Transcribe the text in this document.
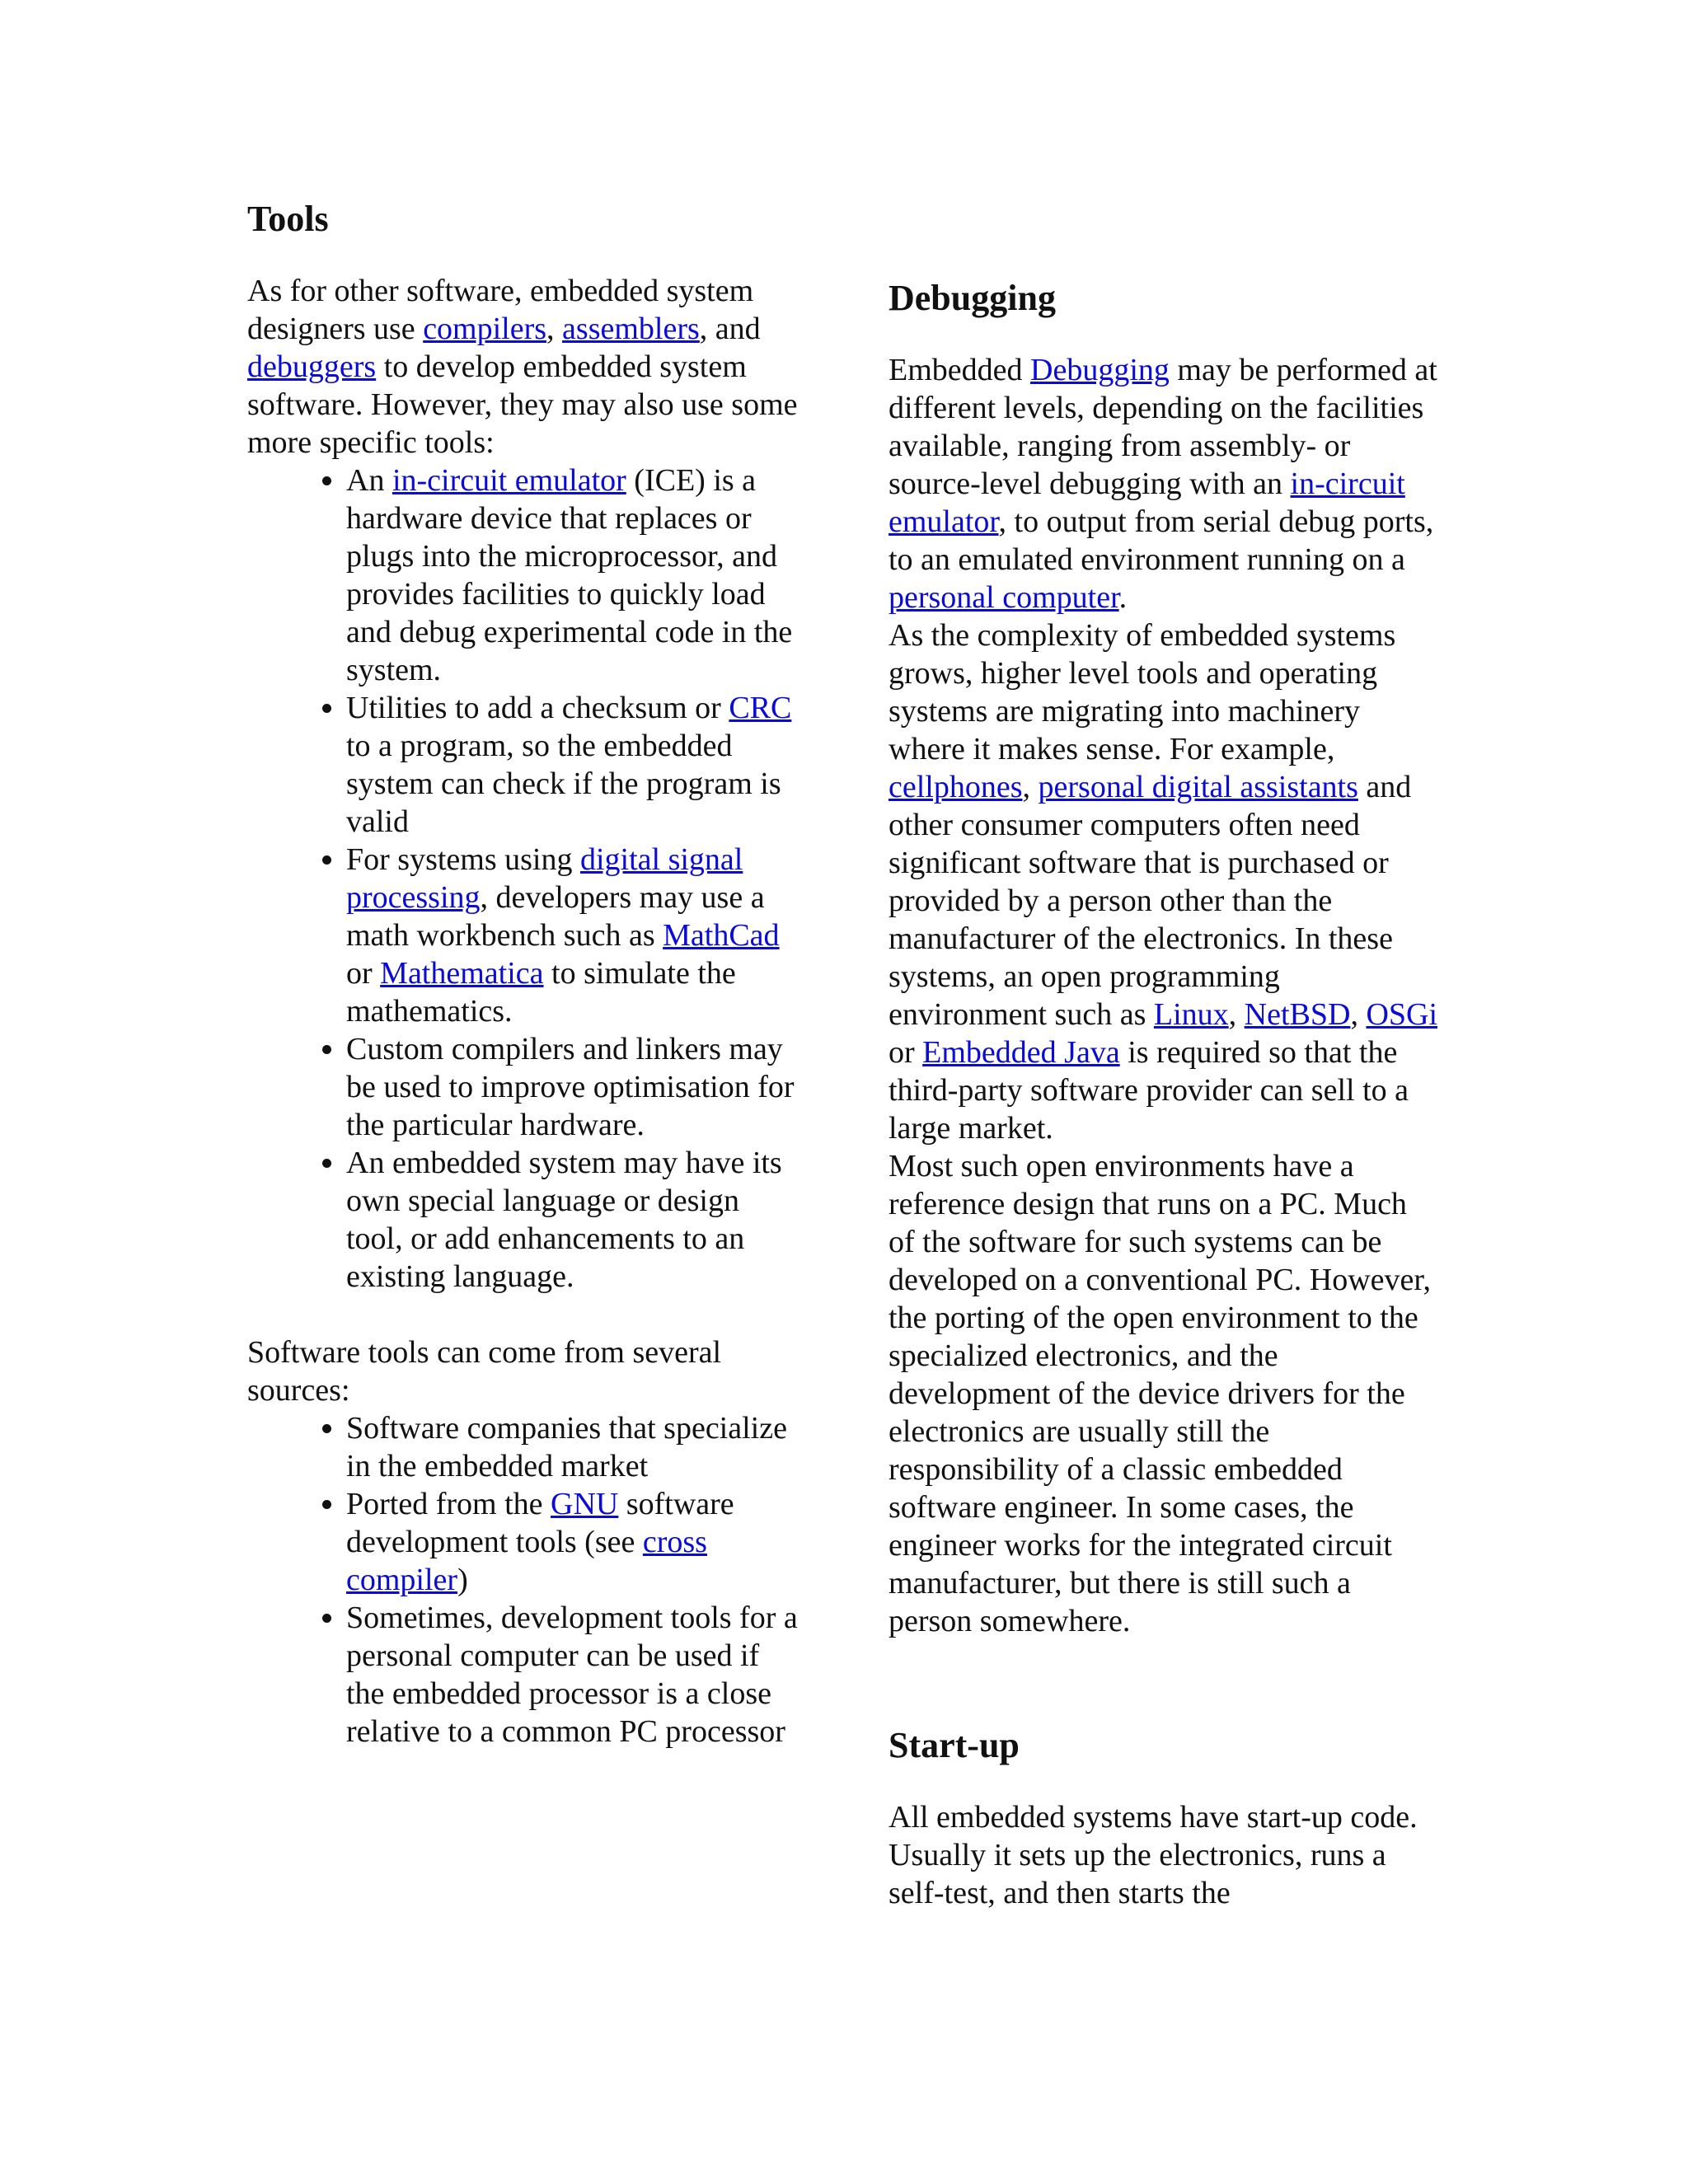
Tools

As for other software, embedded system designers use compilers, assemblers, and debuggers to develop embedded system software. However, they may also use some more specific tools:

• An in-circuit emulator (ICE) is a hardware device that replaces or plugs into the microprocessor, and provides facilities to quickly load and debug experimental code in the system.
• Utilities to add a checksum or CRC to a program, so the embedded system can check if the program is valid
• For systems using digital signal processing, developers may use a math workbench such as MathCad or Mathematica to simulate the mathematics.
• Custom compilers and linkers may be used to improve optimisation for the particular hardware.
• An embedded system may have its own special language or design tool, or add enhancements to an existing language.

Software tools can come from several sources:

• Software companies that specialize in the embedded market
• Ported from the GNU software development tools (see cross compiler)
• Sometimes, development tools for a personal computer can be used if the embedded processor is a close relative to a common PC processor
Debugging

Embedded Debugging may be performed at different levels, depending on the facilities available, ranging from assembly- or source-level debugging with an in-circuit emulator, to output from serial debug ports, to an emulated environment running on a personal computer.

As the complexity of embedded systems grows, higher level tools and operating systems are migrating into machinery where it makes sense. For example, cellphones, personal digital assistants and other consumer computers often need significant software that is purchased or provided by a person other than the manufacturer of the electronics. In these systems, an open programming environment such as Linux, NetBSD, OSGi or Embedded Java is required so that the third-party software provider can sell to a large market.

Most such open environments have a reference design that runs on a PC. Much of the software for such systems can be developed on a conventional PC. However, the porting of the open environment to the specialized electronics, and the development of the device drivers for the electronics are usually still the responsibility of a classic embedded software engineer. In some cases, the engineer works for the integrated circuit manufacturer, but there is still such a person somewhere.

Start-up

All embedded systems have start-up code. Usually it sets up the electronics, runs a self-test, and then starts the
